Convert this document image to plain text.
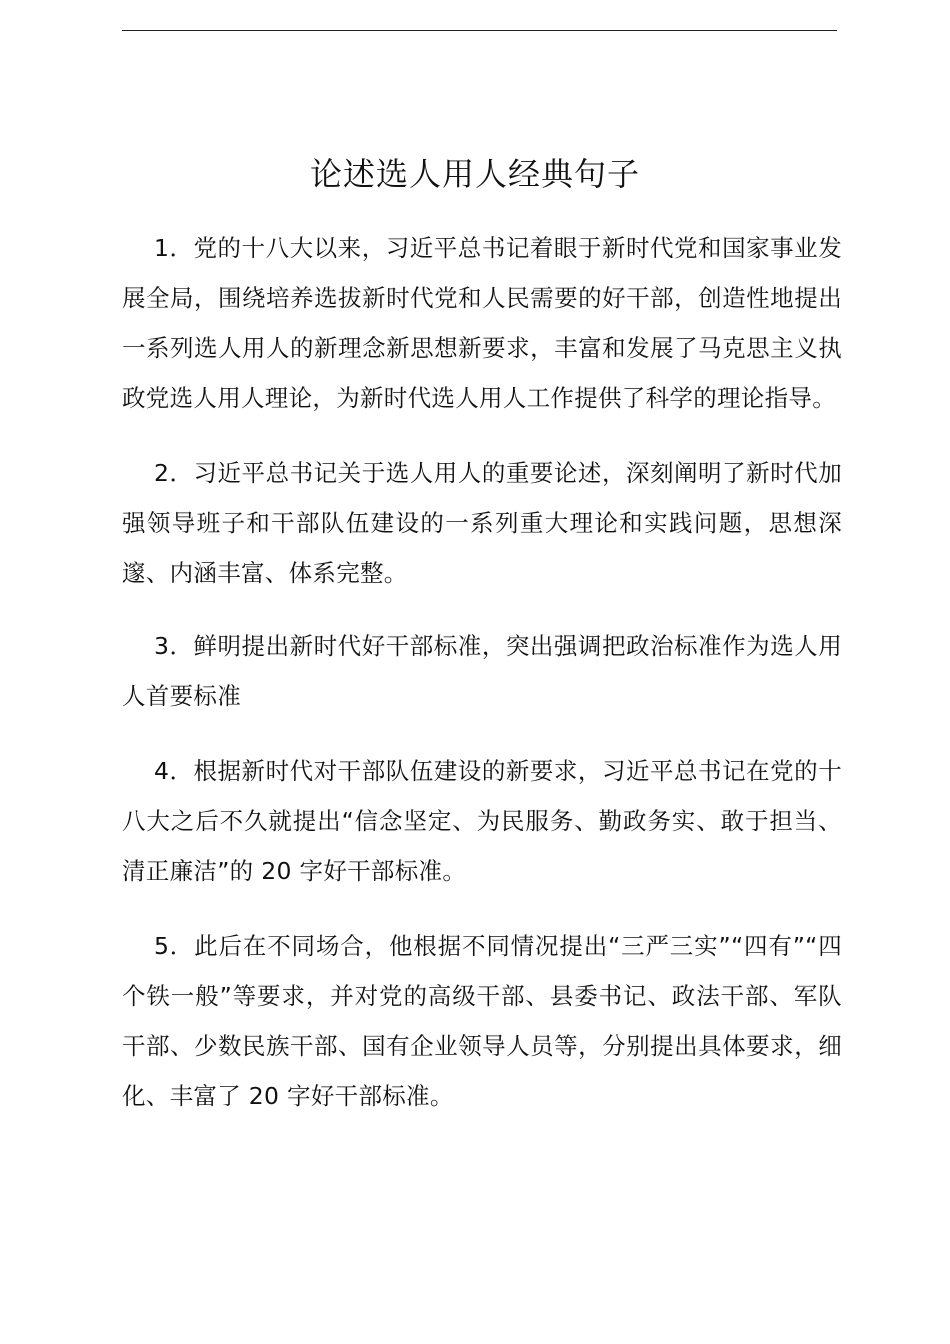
论述选人用人经典句子

1．党的十八大以来，习近平总书记着眼于新时代党和国家事业发展全局，围绕培养选拔新时代党和人民需要的好干部，创造性地提出一系列选人用人的新理念新思想新要求，丰富和发展了马克思主义执政党选人用人理论，为新时代选人用人工作提供了科学的理论指导。

2．习近平总书记关于选人用人的重要论述，深刻阐明了新时代加强领导班子和干部队伍建设的一系列重大理论和实践问题，思想深邃、内涵丰富、体系完整。

3．鲜明提出新时代好干部标准，突出强调把政治标准作为选人用人首要标准

4．根据新时代对干部队伍建设的新要求，习近平总书记在党的十八大之后不久就提出“信念坚定、为民服务、勤政务实、敢于担当、清正廉洁”的 20 字好干部标准。

5．此后在不同场合，他根据不同情况提出“三严三实”“四有”“四个铁一般”等要求，并对党的高级干部、县委书记、政法干部、军队干部、少数民族干部、国有企业领导人员等，分别提出具体要求，细化、丰富了 20 字好干部标准。
